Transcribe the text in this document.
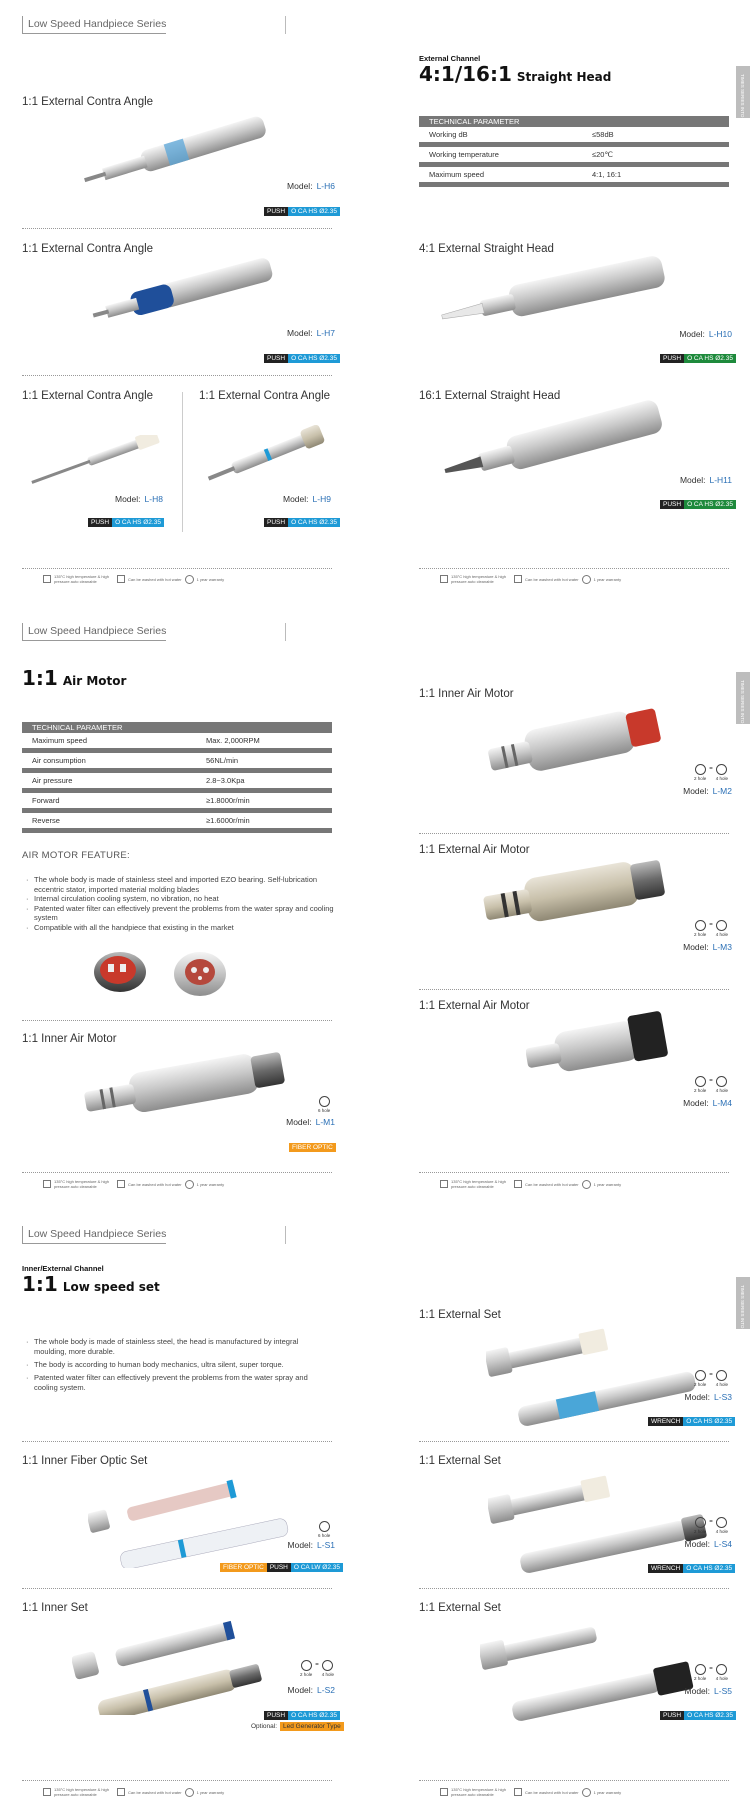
Low Speed Handpiece Series
1:1 External Contra Angle
Model: L-H6
PUSH O CA HS Ø2.35
1:1 External Contra Angle
Model: L-H7
PUSH O CA HS Ø2.35
1:1 External Contra Angle	1:1 External Contra Angle
Model: L-H8	Model: L-H9
PUSH O CA HS Ø2.35	PUSH O CA HS Ø2.35
135°C high temperature & high pressure auto cleanable	Can be washed with hot water	1 year warranty
External Channel
4:1/16:1 Straight Head	TIMES SERIES INTO
TECHNICAL PARAMETER
Working dB	≤58dB
Working temperature	≤20℃
Maximum speed	4:1, 16:1
4:1 External Straight Head
Model: L-H10
PUSH O CA HS Ø2.35
16:1 External Straight Head
Model: L-H11
PUSH O CA HS Ø2.35
135°C high temperature & high pressure auto cleanable	Can be washed with hot water	1 year warranty
Low Speed Handpiece Series
1:1 Air Motor	TIMES SERIES INTO
TECHNICAL PARAMETER
Maximum speed	Max. 2,000RPM
Air consumption	56NL/min
Air pressure	2.8~3.0Kpa
Forward	≥1.8000r/min
Reverse	≥1.6000r/min
AIR MOTOR FEATURE:
· The whole body is made of stainless steel and imported EZO bearing. Self-lubrication eccentric stator, imported material molding blades
· Internal circulation cooling system, no vibration, no heat
· Patented water filter can effectively prevent the problems from the water spray and cooling system
· Compatible with all the handpiece that existing in the market
1:1 Inner Air Motor
6 hole
Model: L-M1
FIBER OPTIC
135°C high temperature & high pressure auto cleanable	Can be washed with hot water	1 year warranty
1:1 Inner Air Motor
2 hole
=
4 hole
Model: L-M2
1:1 External Air Motor
2 hole
=
4 hole
Model: L-M3
1:1 External Air Motor
2 hole
=
4 hole
Model: L-M4
135°C high temperature & high pressure auto cleanable	Can be washed with hot water	1 year warranty
Low Speed Handpiece Series
Inner/External Channel
1:1 Low speed set	TIMES SERIES INTO
· The whole body is made of stainless steel, the head is manufactured by integral moulding, more durable.
· The body is according to human body mechanics, ultra silent, super torque.
· Patented water filter can effectively prevent the problems from the water spray and cooling system.
1:1 Inner Fiber Optic Set
6 hole
Model: L-S1
FIBER OPTIC PUSH O CA LW Ø2.35
1:1 Inner Set
2 hole
=
4 hole
Model: L-S2
PUSH O CA HS Ø2.35
Optional: Led Generator Type
135°C high temperature & high pressure auto cleanable	Can be washed with hot water	1 year warranty
1:1 External Set
2 hole
=
4 hole
Model: L-S3
WRENCH O CA HS Ø2.35
1:1 External Set
2 hole
=
4 hole
Model: L-S4
WRENCH O CA HS Ø2.35
1:1 External Set
2 hole
=
4 hole
Model: L-S5
PUSH O CA HS Ø2.35
135°C high temperature & high pressure auto cleanable	Can be washed with hot water	1 year warranty
